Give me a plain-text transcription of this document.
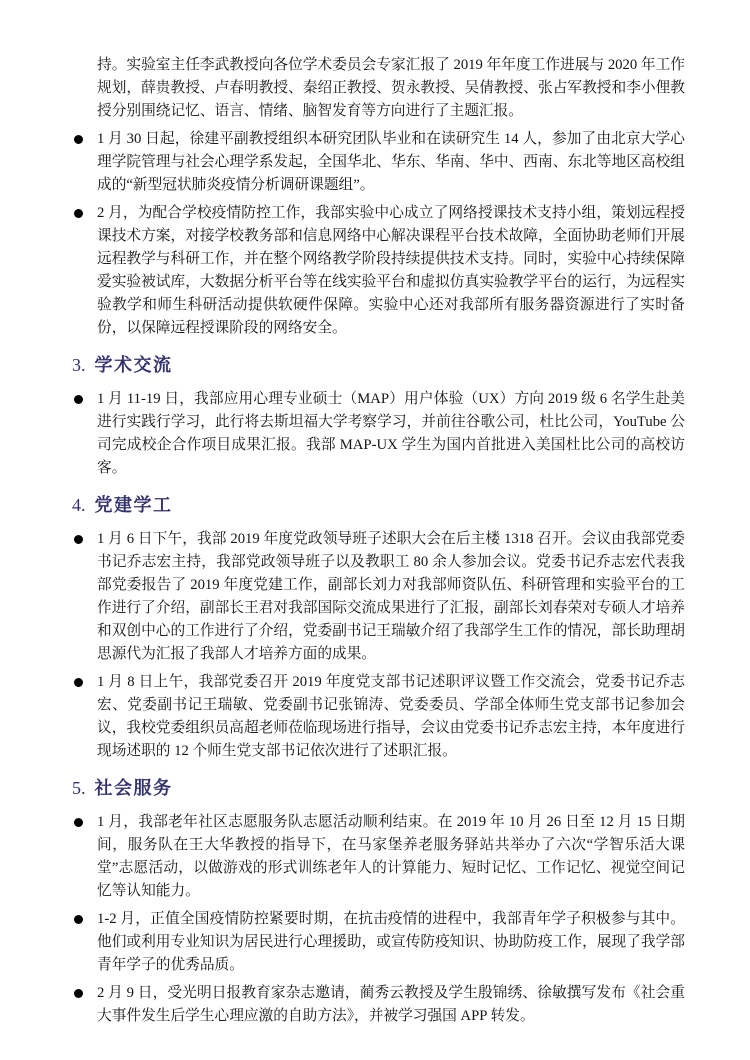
持。实验室主任李武教授向各位学术委员会专家汇报了 2019 年年度工作进展与 2020 年工作规划，薛贵教授、卢春明教授、秦绍正教授、贺永教授、吴倩教授、张占军教授和李小俚教授分别围绕记忆、语言、情绪、脑智发育等方向进行了主题汇报。

1 月 30 日起，徐建平副教授组织本研究团队毕业和在读研究生 14 人，参加了由北京大学心理学院管理与社会心理学系发起，全国华北、华东、华南、华中、西南、东北等地区高校组成的“新型冠状肺炎疫情分析调研课题组”。

2 月，为配合学校疫情防控工作，我部实验中心成立了网络授课技术支持小组，策划远程授课技术方案，对接学校教务部和信息网络中心解决课程平台技术故障，全面协助老师们开展远程教学与科研工作，并在整个网络教学阶段持续提供技术支持。同时，实验中心持续保障爱实验被试库，大数据分析平台等在线实验平台和虚拟仿真实验教学平台的运行，为远程实验教学和师生科研活动提供软硬件保障。实验中心还对我部所有服务器资源进行了实时备份，以保障远程授课阶段的网络安全。

3. 学术交流

1 月 11-19 日，我部应用心理专业硕士（MAP）用户体验（UX）方向 2019 级 6 名学生赴美进行实践行学习，此行将去斯坦福大学考察学习，并前往谷歌公司，杜比公司，YouTube 公司完成校企合作项目成果汇报。我部 MAP-UX 学生为国内首批进入美国杜比公司的高校访客。

4. 党建学工

1 月 6 日下午，我部 2019 年度党政领导班子述职大会在后主楼 1318 召开。会议由我部党委书记乔志宏主持，我部党政领导班子以及教职工 80 余人参加会议。党委书记乔志宏代表我部党委报告了 2019 年度党建工作，副部长刘力对我部师资队伍、科研管理和实验平台的工作进行了介绍，副部长王君对我部国际交流成果进行了汇报，副部长刘春荣对专硕人才培养和双创中心的工作进行了介绍，党委副书记王瑞敏介绍了我部学生工作的情况，部长助理胡思源代为汇报了我部人才培养方面的成果。

1 月 8 日上午，我部党委召开 2019 年度党支部书记述职评议暨工作交流会，党委书记乔志宏、党委副书记王瑞敏、党委副书记张锦涛、党委委员、学部全体师生党支部书记参加会议，我校党委组织员高超老师莅临现场进行指导，会议由党委书记乔志宏主持，本年度进行现场述职的 12 个师生党支部书记依次进行了述职汇报。

5. 社会服务

1 月，我部老年社区志愿服务队志愿活动顺利结束。在 2019 年 10 月 26 日至 12 月 15 日期间，服务队在王大华教授的指导下，在马家堡养老服务驿站共举办了六次“学智乐活大课堂”志愿活动，以做游戏的形式训练老年人的计算能力、短时记忆、工作记忆、视觉空间记忆等认知能力。

1-2 月，正值全国疫情防控紧要时期，在抗击疫情的进程中，我部青年学子积极参与其中。他们或利用专业知识为居民进行心理援助，或宣传防疫知识、协助防疫工作，展现了我学部青年学子的优秀品质。

2 月 9 日，受光明日报教育家杂志邀请，蔺秀云教授及学生殷锦绣、徐敏撰写发布《社会重大事件发生后学生心理应激的自助方法》，并被学习强国 APP 转发。
